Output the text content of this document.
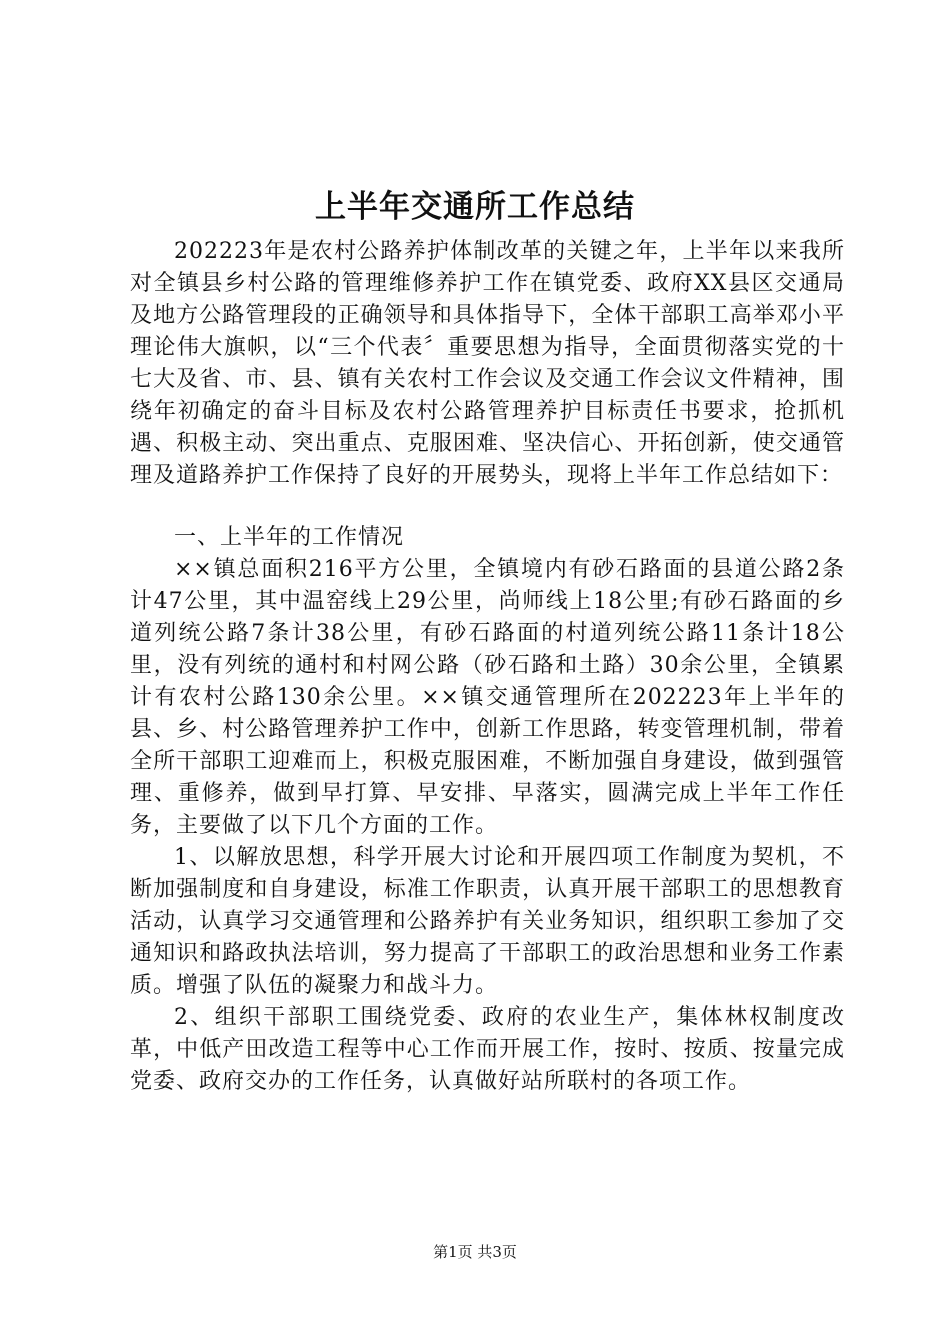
上半年交通所工作总结

202223年是农村公路养护体制改革的关键之年，上半年以来我所对全镇县乡村公路的管理维修养护工作在镇党委、政府XX县区交通局及地方公路管理段的正确领导和具体指导下，全体干部职工高举邓小平理论伟大旗帜，以“三个代表〞重要思想为指导，全面贯彻落实党的十七大及省、市、县、镇有关农村工作会议及交通工作会议文件精神，围绕年初确定的奋斗目标及农村公路管理养护目标责任书要求，抢抓机遇、积极主动、突出重点、克服困难、坚决信心、开拓创新，使交通管理及道路养护工作保持了良好的开展势头，现将上半年工作总结如下：

一、上半年的工作情况

××镇总面积216平方公里，全镇境内有砂石路面的县道公路2条计47公里，其中温窑线上29公里，尚师线上18公里;有砂石路面的乡道列统公路7条计38公里，有砂石路面的村道列统公路11条计18公里，没有列统的通村和村网公路（砂石路和土路）30余公里，全镇累计有农村公路130余公里。××镇交通管理所在202223年上半年的县、乡、村公路管理养护工作中，创新工作思路，转变管理机制，带着全所干部职工迎难而上，积极克服困难，不断加强自身建设，做到强管理、重修养，做到早打算、早安排、早落实，圆满完成上半年工作任务，主要做了以下几个方面的工作。

1、以解放思想，科学开展大讨论和开展四项工作制度为契机，不断加强制度和自身建设，标准工作职责，认真开展干部职工的思想教育活动，认真学习交通管理和公路养护有关业务知识，组织职工参加了交通知识和路政执法培训，努力提高了干部职工的政治思想和业务工作素质。增强了队伍的凝聚力和战斗力。

2、组织干部职工围绕党委、政府的农业生产，集体林权制度改革，中低产田改造工程等中心工作而开展工作，按时、按质、按量完成党委、政府交办的工作任务，认真做好站所联村的各项工作。

第1页 共3页
